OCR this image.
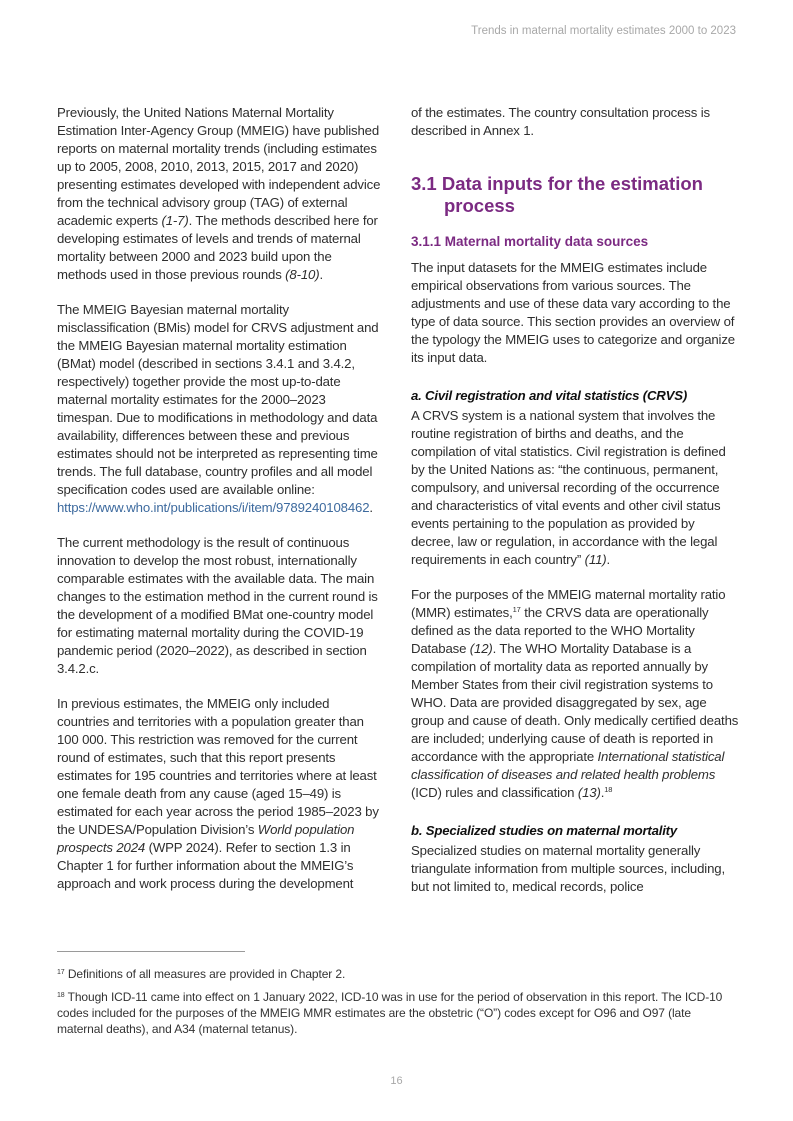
Trends in maternal mortality estimates 2000 to 2023

Previously, the United Nations Maternal Mortality Estimation Inter-Agency Group (MMEIG) have published reports on maternal mortality trends (including estimates up to 2005, 2008, 2010, 2013, 2015, 2017 and 2020) presenting estimates developed with independent advice from the technical advisory group (TAG) of external academic experts (1-7). The methods described here for developing estimates of levels and trends of maternal mortality between 2000 and 2023 build upon the methods used in those previous rounds (8-10).

The MMEIG Bayesian maternal mortality misclassification (BMis) model for CRVS adjustment and the MMEIG Bayesian maternal mortality estimation (BMat) model (described in sections 3.4.1 and 3.4.2, respectively) together provide the most up-to-date maternal mortality estimates for the 2000–2023 timespan. Due to modifications in methodology and data availability, differences between these and previous estimates should not be interpreted as representing time trends. The full database, country profiles and all model specification codes used are available online: https://www.who.int/publications/i/item/9789240108462.

The current methodology is the result of continuous innovation to develop the most robust, internationally comparable estimates with the available data. The main changes to the estimation method in the current round is the development of a modified BMat one-country model for estimating maternal mortality during the COVID-19 pandemic period (2020–2022), as described in section 3.4.2.c.

In previous estimates, the MMEIG only included countries and territories with a population greater than 100 000. This restriction was removed for the current round of estimates, such that this report presents estimates for 195 countries and territories where at least one female death from any cause (aged 15–49) is estimated for each year across the period 1985–2023 by the UNDESA/Population Division’s World population prospects 2024 (WPP 2024). Refer to section 1.3 in Chapter 1 for further information about the MMEIG’s approach and work process during the development

of the estimates. The country consultation process is described in Annex 1.

3.1 Data inputs for the estimation process
3.1.1 Maternal mortality data sources

The input datasets for the MMEIG estimates include empirical observations from various sources. The adjustments and use of these data vary according to the type of data source. This section provides an overview of the typology the MMEIG uses to categorize and organize its input data.

a. Civil registration and vital statistics (CRVS)

A CRVS system is a national system that involves the routine registration of births and deaths, and the compilation of vital statistics. Civil registration is defined by the United Nations as: “the continuous, permanent, compulsory, and universal recording of the occurrence and characteristics of vital events and other civil status events pertaining to the population as provided by decree, law or regulation, in accordance with the legal requirements in each country” (11).

For the purposes of the MMEIG maternal mortality ratio (MMR) estimates,$^{17}$ the CRVS data are operationally defined as the data reported to the WHO Mortality Database (12). The WHO Mortality Database is a compilation of mortality data as reported annually by Member States from their civil registration systems to WHO. Data are provided disaggregated by sex, age group and cause of death. Only medically certified deaths are included; underlying cause of death is reported in accordance with the appropriate International statistical classification of diseases and related health problems (ICD) rules and classification (13).$^{18}$

b. Specialized studies on maternal mortality

Specialized studies on maternal mortality generally triangulate information from multiple sources, including, but not limited to, medical records, police

$^{17}$ Definitions of all measures are provided in Chapter 2.

$^{18}$ Though ICD-11 came into effect on 1 January 2022, ICD-10 was in use for the period of observation in this report. The ICD-10 codes included for the purposes of the MMEIG MMR estimates are the obstetric (“O”) codes except for O96 and O97 (late maternal deaths), and A34 (maternal tetanus).

16
